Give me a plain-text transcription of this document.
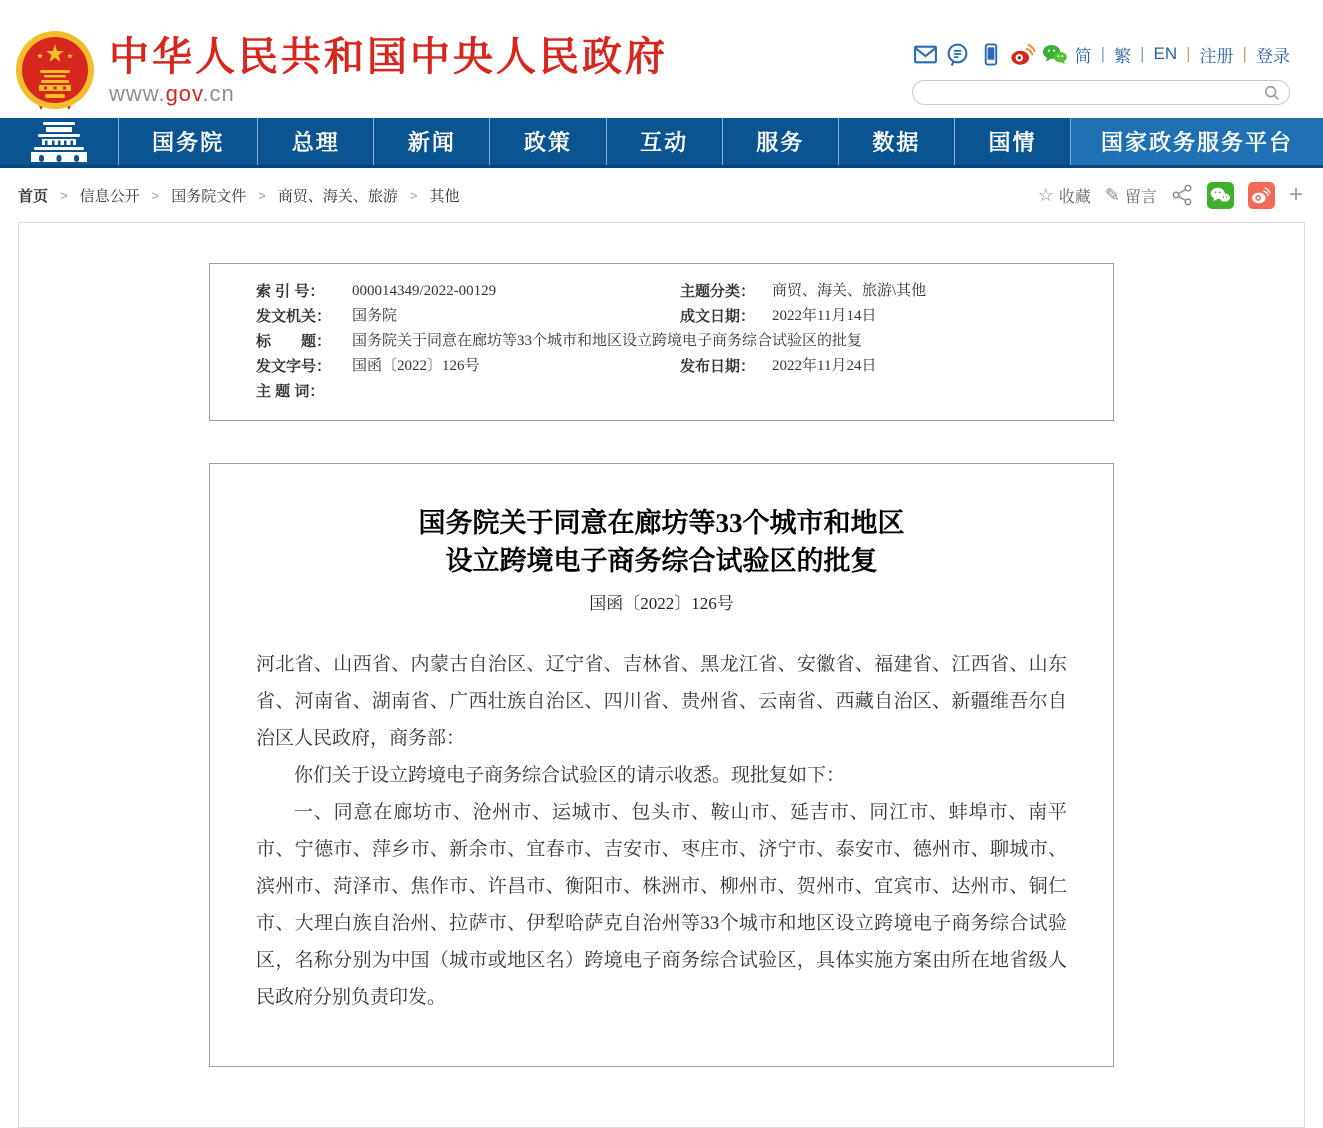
中华人民共和国中央人民政府
www.gov.cn
简 | 繁 | EN | 注册 | 登录
国务院	总理	新闻	政策	互动	服务	数据	国情	国家政务服务平台
首页 > 信息公开 > 国务院文件 > 商贸、海关、旅游 > 其他	☆ 收藏 ✎ 留言	+
索 引 号：	000014349/2022-00129	主题分类：	商贸、海关、旅游\其他
发文机关：	国务院	成文日期：	2022年11月14日
标　　题：	国务院关于同意在廊坊等33个城市和地区设立跨境电子商务综合试验区的批复
发文字号：	国函〔2022〕126号	发布日期：	2022年11月24日
主 题 词：
国务院关于同意在廊坊等33个城市和地区
设立跨境电子商务综合试验区的批复
国函〔2022〕126号

河北省、山西省、内蒙古自治区、辽宁省、吉林省、黑龙江省、安徽省、福建省、江西省、山东省、河南省、湖南省、广西壮族自治区、四川省、贵州省、云南省、西藏自治区、新疆维吾尔自治区人民政府，商务部：

你们关于设立跨境电子商务综合试验区的请示收悉。现批复如下：

一、同意在廊坊市、沧州市、运城市、包头市、鞍山市、延吉市、同江市、蚌埠市、南平市、宁德市、萍乡市、新余市、宜春市、吉安市、枣庄市、济宁市、泰安市、德州市、聊城市、滨州市、菏泽市、焦作市、许昌市、衡阳市、株洲市、柳州市、贺州市、宜宾市、达州市、铜仁市、大理白族自治州、拉萨市、伊犁哈萨克自治州等33个城市和地区设立跨境电子商务综合试验区，名称分别为中国（城市或地区名）跨境电子商务综合试验区，具体实施方案由所在地省级人民政府分别负责印发。
